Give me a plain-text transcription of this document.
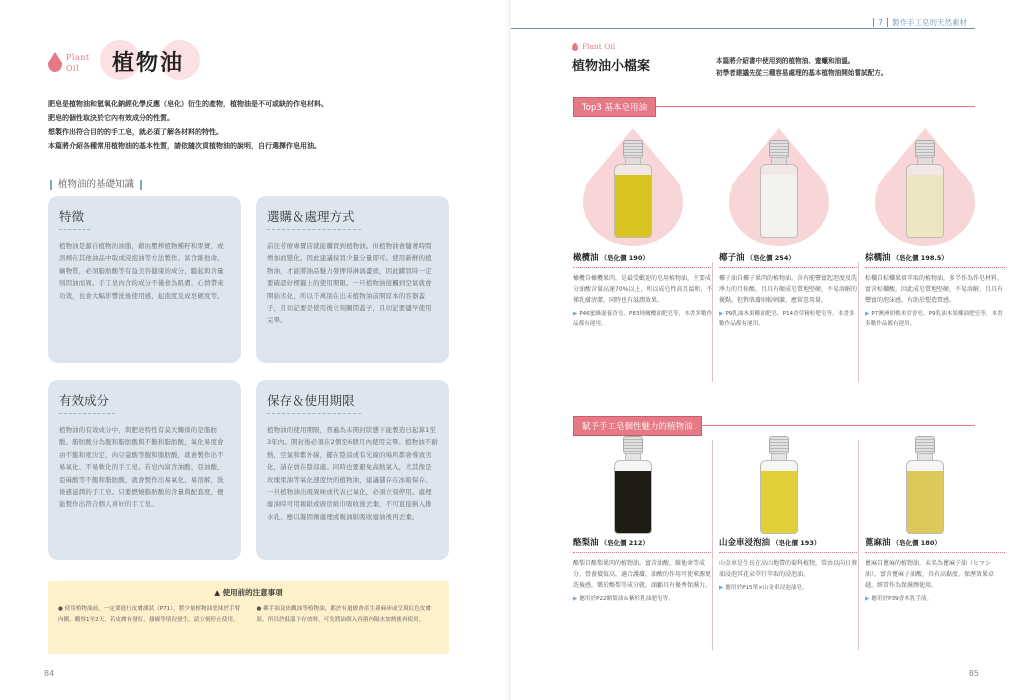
Plant
Oil	植物油
肥皂是植物油和氫氧化鈉經化學反應（皂化）衍生的產物，植物油是不可或缺的作皂材料。
肥皂的個性取決於它內有效成分的性質。
想製作出符合目的的手工皂，就必須了解各材料的特性。
本篇將介紹各種常用植物油的基本性質，請依隨次貢植物油的說明，自行選擇作皂用油。
植物油的基礎知識
特徵
植物油是源自植物的油脂，藉由壓榨植物種籽和果實，或溶劑在其他油品中取或浸泡油等方法製作。富含維他命、礦物質，必須脂肪酸等有益美容健康的成分，聽起與含量則因油而異。手工皂內含的成分不僅會為肌膚、心情帶來功效，也會大幅影響洗後使用感、起泡度及成皂硬度等。
選購＆處理方式
前往芳療專賣店就能購買到植物油。但植物油會隨著時間增加而變化，因此建議採買少量分量即可。使用新鮮的植物油，才能將油品魅力發揮得淋漓盡致，因此購買時一定要確認好標籤上的使用期限。一旦植物油接觸到空氣就會開始劣化，所以千萬別在出未植物油前開原本的容器蓋子，且切記要是使用後立刻關閉蓋子，且切記要儘早使用完畢。
有效成分
植物油的有效成分中，與肥皂特性有莫大關係的是脂肪酸。脂肪酸分為飽和脂肪酸與不飽和脂肪酸，氧化易度會由不飽和度決定，肉豆蔻酸等飽和脂肪酸，就會製作出不易氧化、不易軟化的手工皂。若皂內富含油酸、亞油酸、亞麻酸等不飽和脂肪酸，就會製作出易氧化、易溶解，洗後感滋潤的手工皂。只要燃燒脂肪酸的含量與配套度，便能製作出符合個人喜好的手工皂。
保存＆使用期限
植物油的使用期限，普遍為未開封狀態下能製造日起算1至3年內。開封後必須在2個至6個月內使用完畢。植物油不耐熱，空氣和紫外線，擺在陰涼或有光線的場所都會導致劣化，請存放在陰涼處。同時也要避免高熱氣入，尤其像是玫瑰果油等氧化速度快的植物油，建議儲存在冰箱保存。一旦植物油出現異味或代表已氧化，必須立刻停用。處理廢油時可用報紙或廚房紙巾吸收後丟棄，不可直接倒入排水孔，應以凝固劑處理或吸油紙吸收廢油後再丟棄。
▲ 使用前的注意事項
● 使用植物油前，一定要進行皮膚測試（P71），將少量植物油塗抹於手臂內側，觀察1至2天。若皮膚有發紅、搔癢等情況發生，請立刻停止使用。
● 鄰手油及依觀油等植物油，都於有過敏會產生蕁麻疹或呈現紅色皮膚狀，所以於低溫下存放時，可先將油倒入容器內隔水加熱後再使用。
84
7 製作手工皂的天然素材
Plant Oil
植物油小檔案	本篇將介紹書中使用到的植物油、蜜蠟和油溫。
初學者建議先從三種容易處理的基本植物油開始嘗試配方。
Top3 基本皂用油
橄欖油 （皂化價 190）
橄欖自橄欖果肉，是最受歡迎的皂用植物油，主要成分油酸含量高達70%以上，所以成皂性高且溫和，不僅乳膚清潔，同時也有滋潤效果。
▶ P46蜜蜂滋養香皂、P83純橄欖油肥皂等，本書多數作品都有運用。
椰子油 （皂化價 254）
椰子油自椰子果肉的植物油。含有能豐富起泡度及洗淨力的月桂酸，且具有硬成皂質地堅硬、不易溶解的優點。但對肌膚則較刺激，應留意用量。
▶ P9乳油木果椰油肥皂、P14香草精粒肥皂等，本書多數作品都有運用。
棕櫚油 （皂化價 198.5）
棕櫚自棕櫚果實萃取的植物油，多半作為作皂材料，富含棕櫚酸，因此成皂質地堅硬、不易溶解，且具有豐富的泡沫感，有助於塑造質感。
▶ P7澳洲胡桃米堂香皂、P9乳油木果椰油肥皂等，本書多數作品都有運用。
賦予手工皂個性魅力的植物油
酪梨油 （皂化價 212）
酪梨自酪梨果肉的植物油。富含油酸、維他命等成分，營養價值高，適合護膚，油酸的作用可使來源更洗後感，樂於酪梨等成分就，頭顱具有優秀保濕力。
▶ 應用於P22酪梨油＆紫杉乳油肥皂等。
山金車浸泡油 （皂化價 193）
山金車是生長在高山地帶的菊科植物，常由以向日葵油浸泡其花朵萃行萃取的浸泡油。
▶ 應用於P15單×山金車浸泡油皂。
蓖麻油 （皂化價 180）
蓖麻自蓖麻的植物油，未名為蓖麻子油（ヒマシ油），富含蓖麻子油酸，具有高黏度、保溼效果卓越，經常作為保濕劑使用。
▶ 應用於P39香木乳手液。
85
